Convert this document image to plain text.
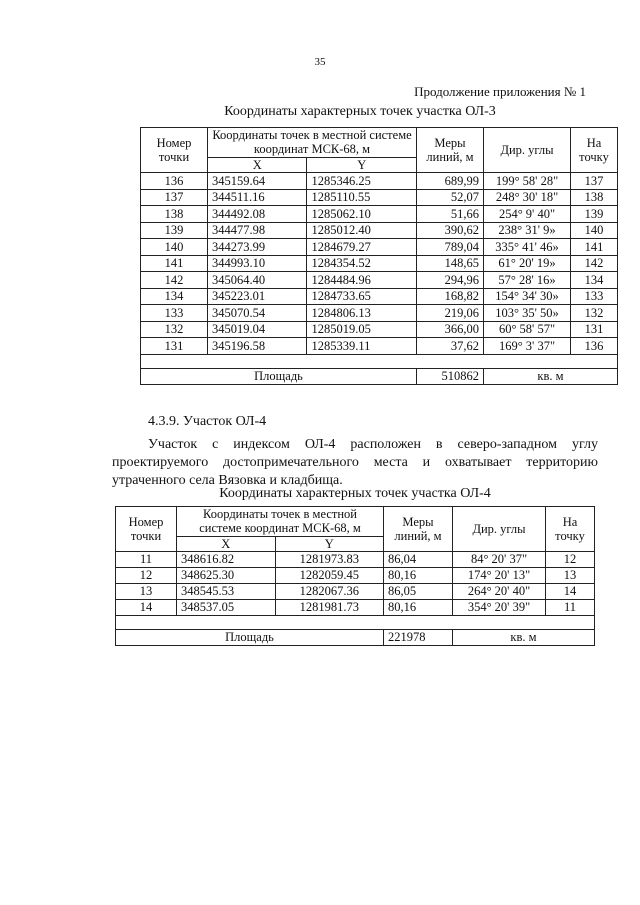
35
Продолжение приложения № 1
Координаты характерных точек участка ОЛ-3
Номер точки	Координаты точек в местной системе координат МСК-68, м		Меры линий, м	Дир. углы	На точку
	X	Y			
136	345159.64	1285346.25	689,99	199° 58' 28"	137
137	344511.16	1285110.55	52,07	248° 30' 18"	138
138	344492.08	1285062.10	51,66	254° 9' 40"	139
139	344477.98	1285012.40	390,62	238° 31' 9»	140
140	344273.99	1284679.27	789,04	335° 41' 46»	141
141	344993.10	1284354.52	148,65	61° 20' 19»	142
142	345064.40	1284484.96	294,96	57° 28' 16»	134
134	345223.01	1284733.65	168,82	154° 34' 30»	133
133	345070.54	1284806.13	219,06	103° 35' 50»	132
132	345019.04	1285019.05	366,00	60° 58' 57"	131
131	345196.58	1285339.11	37,62	169° 3' 37"	136

Площадь			510862	кв. м	
4.3.9. Участок ОЛ-4

Участок с индексом ОЛ-4 расположен в северо-западном углу проектируемого достопримечательного места и охватывает территорию утраченного села Вязовка и кладбища.

Координаты характерных точек участка ОЛ-4
Номер точки	Координаты точек в местной системе координат МСК-68, м		Меры линий, м	Дир. углы	На точку
	X	Y			
11	348616.82	1281973.83	86,04	84° 20' 37"	12
12	348625.30	1282059.45	80,16	174° 20' 13"	13
13	348545.53	1282067.36	86,05	264° 20' 40"	14
14	348537.05	1281981.73	80,16	354° 20' 39"	11

Площадь			221978	кв. м	
